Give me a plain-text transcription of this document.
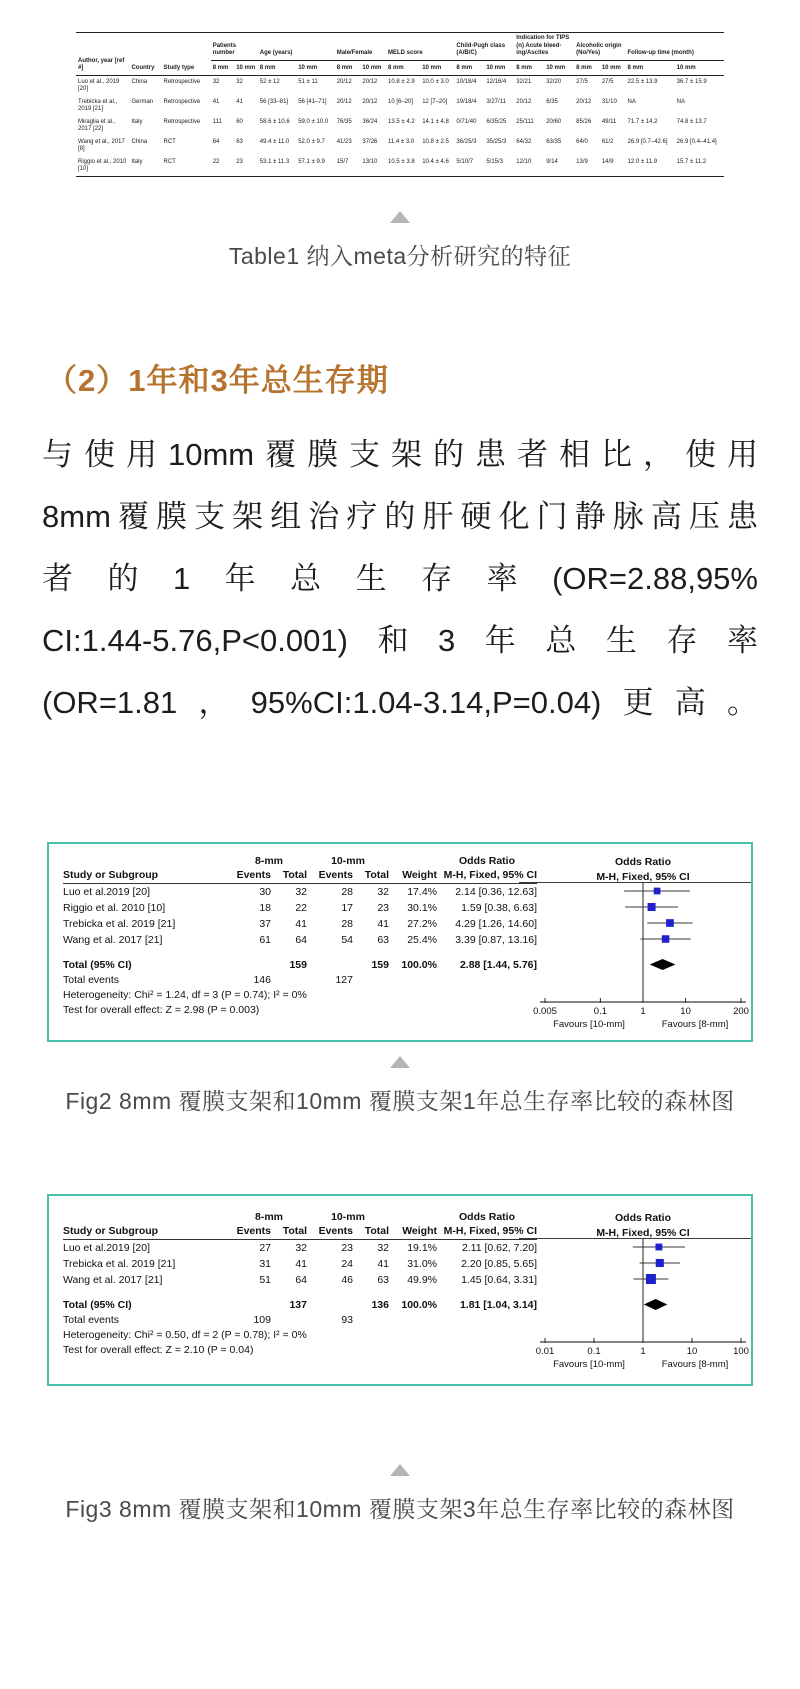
Author, year [ref #]	Country	Study type	Patients number		Age (years)		Male/Female		MELD score		Child-Pugh class (A/B/C)		Indication for TIPS (n) Acute bleed-ing/Ascites		Alcoholic origin (No/Yes)		Follow-up time (month)	
			8 mm	10 mm	8 mm	10 mm	8 mm	10 mm	8 mm	10 mm	8 mm	10 mm	8 mm	10 mm	8 mm	10 mm	8 mm	10 mm
Luo et al., 2019 [20]	China	Retrospective	32	32	52 ± 12	51 ± 11	20/12	20/12	10.8 ± 2.9	10.0 ± 3.0	10/18/4	12/16/4	32/21	32/20	27/5	27/5	22.5 ± 13.9	36.7 ± 15.9
Trebicka et al., 2019 [21]	German	Retrospective	41	41	56 [33–81]	56 [41–71]	20/12	20/12	10 [6–20]	12 [7–20]	19/18/4	3/27/11	20/12	6/35	20/12	31/10	NA	NA
Miraglia et al., 2017 [22]	Italy	Retrospective	111	60	58.6 ± 10.6	59.0 ± 10.0	76/35	36/24	13.5 ± 4.2	14.1 ± 4.8	0/71/40	6/35/25	25/111	20/60	85/26	49/11	71.7 ± 14.2	74.8 ± 13.7
Wang et al., 2017 [8]	China	RCT	64	63	49.4 ± 11.0	52.0 ± 9.7	41/23	37/26	11.4 ± 3.0	10.8 ± 2.5	36/25/3	35/25/3	64/32	63/35	64/0	61/2	26.9 [0.7–42.6]	26.9 [0.4–41.4]
Riggio et al., 2010 [10]	Italy	RCT	22	23	53.1 ± 11.3	57.1 ± 9.9	15/7	13/10	10.5 ± 3.8	10.4 ± 4.6	5/10/7	5/15/3	12/10	9/14	13/9	14/9	12.0 ± 11.9	15.7 ± 11.2
Table1 纳入meta分析研究的特征
（2）1年和3年总生存期
与使用10mm覆膜支架的患者相比，使用
8mm覆膜支架组治疗的肝硬化门静脉高压患
者的1年总生存率(OR=2.88,95%
CI:1.44-5.76,P<0.001)和3年总生存率
(OR=1.81，95%CI:1.04-3.14,P=0.04)更高。
8-mm	10-mm	Odds Ratio
Study or Subgroup	Events	Total	Events	Total	Weight M-H, Fixed, 95% CI
Luo et al.2019 [20]	30	32	28	32	17.4%	2.14 [0.36, 12.63]
Riggio et al. 2010 [10]	18	22	17	23	30.1%	1.59 [0.38, 6.63]
Trebicka et al. 2019 [21]	37	41	28	41	27.2%	4.29 [1.26, 14.60]
Wang et al. 2017 [21]	61	64	54	63	25.4%	3.39 [0.87, 13.16]
Total (95% CI)	159	159	100.0%	2.88 [1.44, 5.76]
Total events	146	127
Heterogeneity: Chi² = 1.24, df = 3 (P = 0.74); I² = 0%
Test for overall effect: Z = 2.98 (P = 0.003)
Odds Ratio
M-H, Fixed, 95% CI
0.005	0.1	1	10	200
Favours [10-mm]	Favours [8-mm]
Fig2 8mm 覆膜支架和10mm 覆膜支架1年总生存率比较的森林图
8-mm	10-mm	Odds Ratio
Study or Subgroup	Events	Total	Events	Total	Weight M-H, Fixed, 95% CI
Luo et al.2019 [20]	27	32	23	32	19.1%	2.11 [0.62, 7.20]
Trebicka et al. 2019 [21]	31	41	24	41	31.0%	2.20 [0.85, 5.65]
Wang et al. 2017 [21]	51	64	46	63	49.9%	1.45 [0.64, 3.31]
Total (95% CI)	137	136	100.0%	1.81 [1.04, 3.14]
Total events	109	93
Heterogeneity: Chi² = 0.50, df = 2 (P = 0.78); I² = 0%
Test for overall effect: Z = 2.10 (P = 0.04)
Odds Ratio
M-H, Fixed, 95% CI
0.01	0.1	1	10	100
Favours [10-mm]	Favours [8-mm]
Fig3 8mm 覆膜支架和10mm 覆膜支架3年总生存率比较的森林图
